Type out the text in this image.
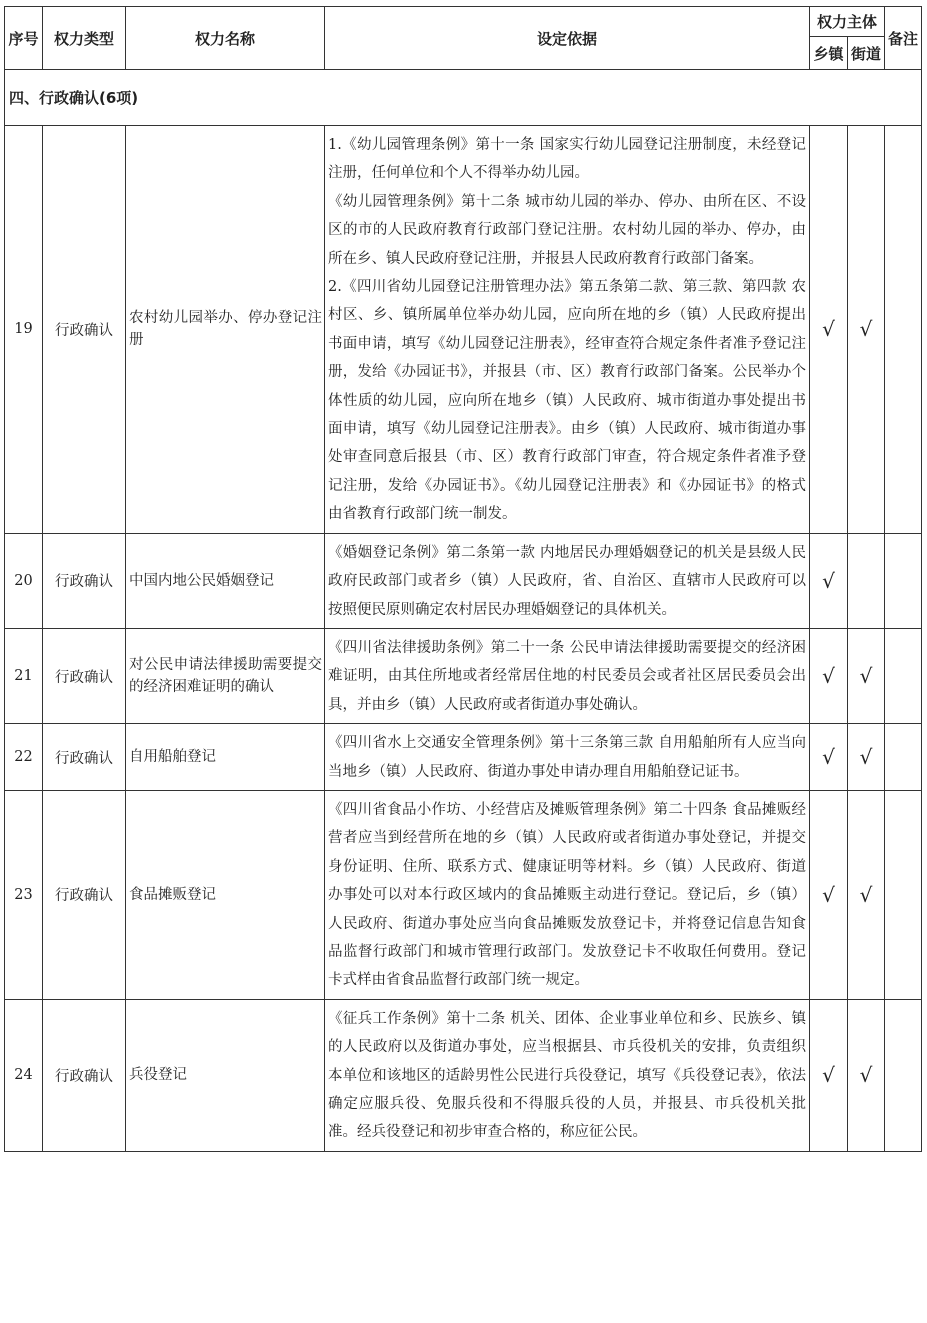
序号	权力类型	权力名称	设定依据	权力主体		备注
				乡镇	街道	
四、行政确认(6项)						
19	行政确认	农村幼儿园举办、停办登记注册	1.《幼儿园管理条例》第十一条 国家实行幼儿园登记注册制度，未经登记注册，任何单位和个人不得举办幼儿园。

《幼儿园管理条例》第十二条 城市幼儿园的举办、停办、由所在区、不设区的市的人民政府教育行政部门登记注册。农村幼儿园的举办、停办，由所在乡、镇人民政府登记注册，并报县人民政府教育行政部门备案。

2.《四川省幼儿园登记注册管理办法》第五条第二款、第三款、第四款 农村区、乡、镇所属单位举办幼儿园，应向所在地的乡（镇）人民政府提出书面申请，填写《幼儿园登记注册表》，经审查符合规定条件者准予登记注册，发给《办园证书》，并报县（市、区）教育行政部门备案。公民举办个体性质的幼儿园，应向所在地乡（镇）人民政府、城市街道办事处提出书面申请，填写《幼儿园登记注册表》。由乡（镇）人民政府、城市街道办事处审查同意后报县（市、区）教育行政部门审查，符合规定条件者准予登记注册，发给《办园证书》。《幼儿园登记注册表》和《办园证书》的格式由省教育行政部门统一制发。	√	√	
20	行政确认	中国内地公民婚姻登记	《婚姻登记条例》第二条第一款 内地居民办理婚姻登记的机关是县级人民政府民政部门或者乡（镇）人民政府，省、自治区、直辖市人民政府可以按照便民原则确定农村居民办理婚姻登记的具体机关。	√		
21	行政确认	对公民申请法律援助需要提交的经济困难证明的确认	《四川省法律援助条例》第二十一条 公民申请法律援助需要提交的经济困难证明，由其住所地或者经常居住地的村民委员会或者社区居民委员会出具，并由乡（镇）人民政府或者街道办事处确认。	√	√	
22	行政确认	自用船舶登记	《四川省水上交通安全管理条例》第十三条第三款 自用船舶所有人应当向当地乡（镇）人民政府、街道办事处申请办理自用船舶登记证书。	√	√	
23	行政确认	食品摊贩登记	《四川省食品小作坊、小经营店及摊贩管理条例》第二十四条 食品摊贩经营者应当到经营所在地的乡（镇）人民政府或者街道办事处登记，并提交身份证明、住所、联系方式、健康证明等材料。乡（镇）人民政府、街道办事处可以对本行政区域内的食品摊贩主动进行登记。登记后，乡（镇）人民政府、街道办事处应当向食品摊贩发放登记卡，并将登记信息告知食品监督行政部门和城市管理行政部门。发放登记卡不收取任何费用。登记卡式样由省食品监督行政部门统一规定。	√	√	
24	行政确认	兵役登记	《征兵工作条例》第十二条 机关、团体、企业事业单位和乡、民族乡、镇的人民政府以及街道办事处，应当根据县、市兵役机关的安排，负责组织本单位和该地区的适龄男性公民进行兵役登记，填写《兵役登记表》，依法确定应服兵役、免服兵役和不得服兵役的人员，并报县、市兵役机关批准。经兵役登记和初步审查合格的，称应征公民。	√	√	
